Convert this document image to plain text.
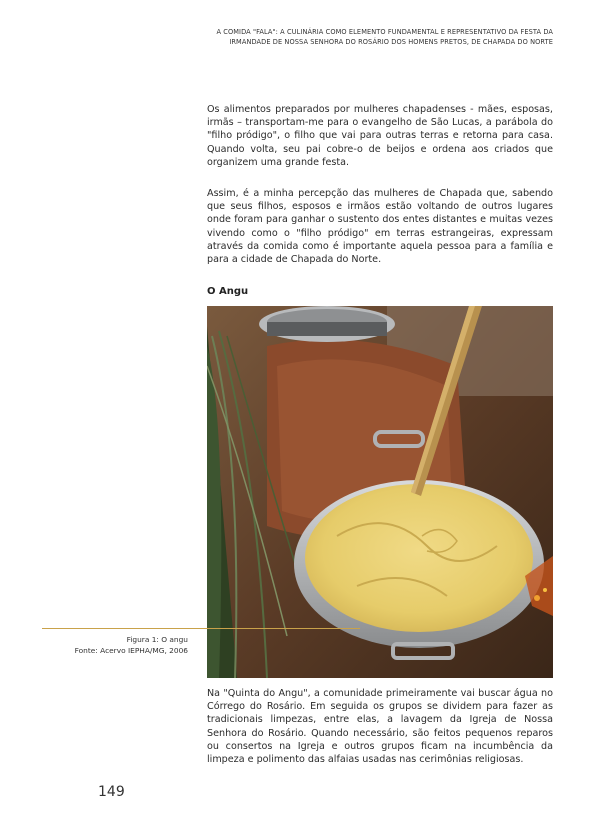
A COMIDA "FALA": A CULINÁRIA COMO ELEMENTO FUNDAMENTAL E REPRESENTATIVO DA FESTA DA
IRMANDADE DE NOSSA SENHORA DO ROSÁRIO DOS HOMENS PRETOS, DE CHAPADA DO NORTE

Os alimentos preparados por mulheres chapadenses - mães, esposas, irmãs – transportam-me para o evangelho de São Lucas, a parábola do "filho pródigo", o filho que vai para outras terras e retorna para casa. Quando volta, seu pai cobre-o de beijos e ordena aos criados que organizem uma grande festa.

Assim, é a minha percepção das mulheres de Chapada que, sabendo que seus filhos, esposos e irmãos estão voltando de outros lugares onde foram para ganhar o sustento dos entes distantes e muitas vezes vivendo como o "filho pródigo" em terras estrangeiras, expressam através da comida como é importante aquela pessoa para a família e para a cidade de Chapada do Norte.

O Angu
Figura 1: O angu
Fonte: Acervo IEPHA/MG, 2006

Na "Quinta do Angu", a comunidade primeiramente vai buscar água no Córrego do Rosário. Em seguida os grupos se dividem para fazer as tradicionais limpezas, entre elas, a lavagem da Igreja de Nossa Senhora do Rosário. Quando necessário, são feitos pequenos reparos ou consertos na Igreja e outros grupos ficam na incumbência da limpeza e polimento das alfaias usadas nas cerimônias religiosas.

149
